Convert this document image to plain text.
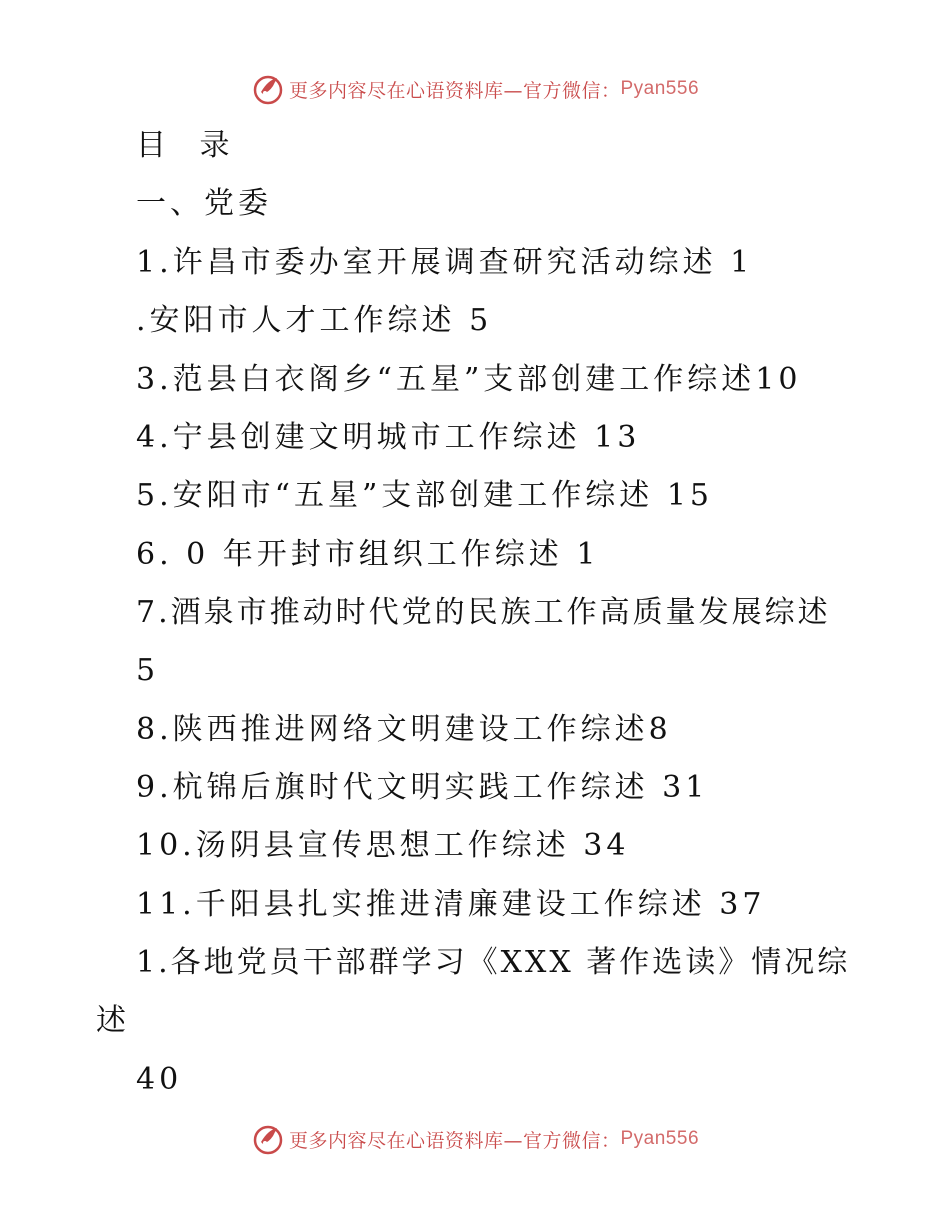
更多内容尽在心语资料库—官方微信： Pyan556
目 录
一、党委
1.许昌市委办室开展调查研究活动综述 1
.安阳市人才工作综述 5
3.范县白衣阁乡“五星”支部创建工作综述10
4.宁县创建文明城市工作综述 13
5.安阳市“五星”支部创建工作综述 15
6. 0 年开封市组织工作综述 1
7.酒泉市推动时代党的民族工作高质量发展综述
5
8.陕西推进网络文明建设工作综述8
9.杭锦后旗时代文明实践工作综述 31
10.汤阴县宣传思想工作综述 34
11.千阳县扎实推进清廉建设工作综述 37
1.各地党员干部群学习《XXX 著作选读》情况综
述
40
更多内容尽在心语资料库—官方微信： Pyan556
